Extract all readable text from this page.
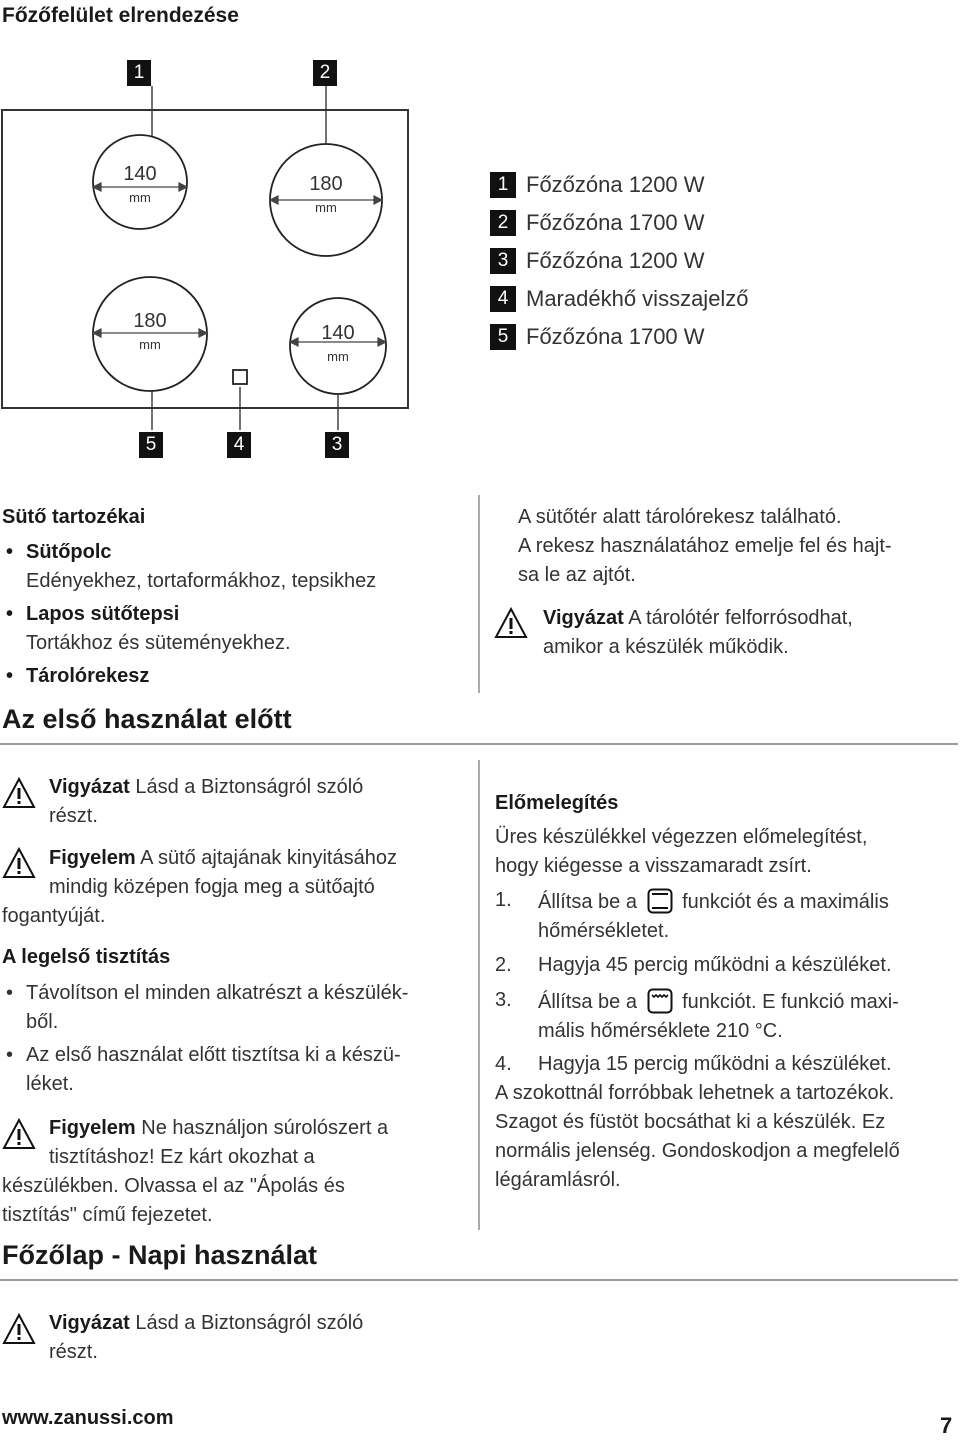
Főzőfelület elrendezése
140
mm
180
mm
180
mm
140
mm
1	2
5	4	3
1 Főzőzóna 1200 W
2 Főzőzóna 1700 W
3 Főzőzóna 1200 W
4 Maradékhő visszajelző
5 Főzőzóna 1700 W
Sütő tartozékai
• Sütőpolc
Edényekhez, tortaformákhoz, tepsikhez
• Lapos sütőtepsi
Tortákhoz és süteményekhez.
• Tárolórekesz
A sütőtér alatt tárolórekesz található.
A rekesz használatához emelje fel és hajt-
sa le az ajtót.
Vigyázat A tárolótér felforrósodhat,
amikor a készülék működik.
Az első használat előtt
Vigyázat Lásd a Biztonságról szóló
részt.
Figyelem A sütő ajtajának kinyitásához
mindig középen fogja meg a sütőajtó
fogantyúját.
A legelső tisztítás
• Távolítson el minden alkatrészt a készülék-
ből.
• Az első használat előtt tisztítsa ki a készü-
léket.
Figyelem Ne használjon súrolószert a
tisztításhoz! Ez kárt okozhat a
készülékben. Olvassa el az "Ápolás és
tisztítás" című fejezetet.
Előmelegítés
Üres készülékkel végezzen előmelegítést,
hogy kiégesse a visszamaradt zsírt.
1. Állítsa be a funkciót és a maximális
hőmérsékletet.
2. Hagyja 45 percig működni a készüléket.
3. Állítsa be a funkciót. E funkció maxi-
mális hőmérséklete 210 °C.
4. Hagyja 15 percig működni a készüléket.
A szokottnál forróbbak lehetnek a tartozékok.
Szagot és füstöt bocsáthat ki a készülék. Ez
normális jelenség. Gondoskodjon a megfelelő
légáramlásról.
Főzőlap - Napi használat
Vigyázat Lásd a Biztonságról szóló
részt.
www.zanussi.com	7
